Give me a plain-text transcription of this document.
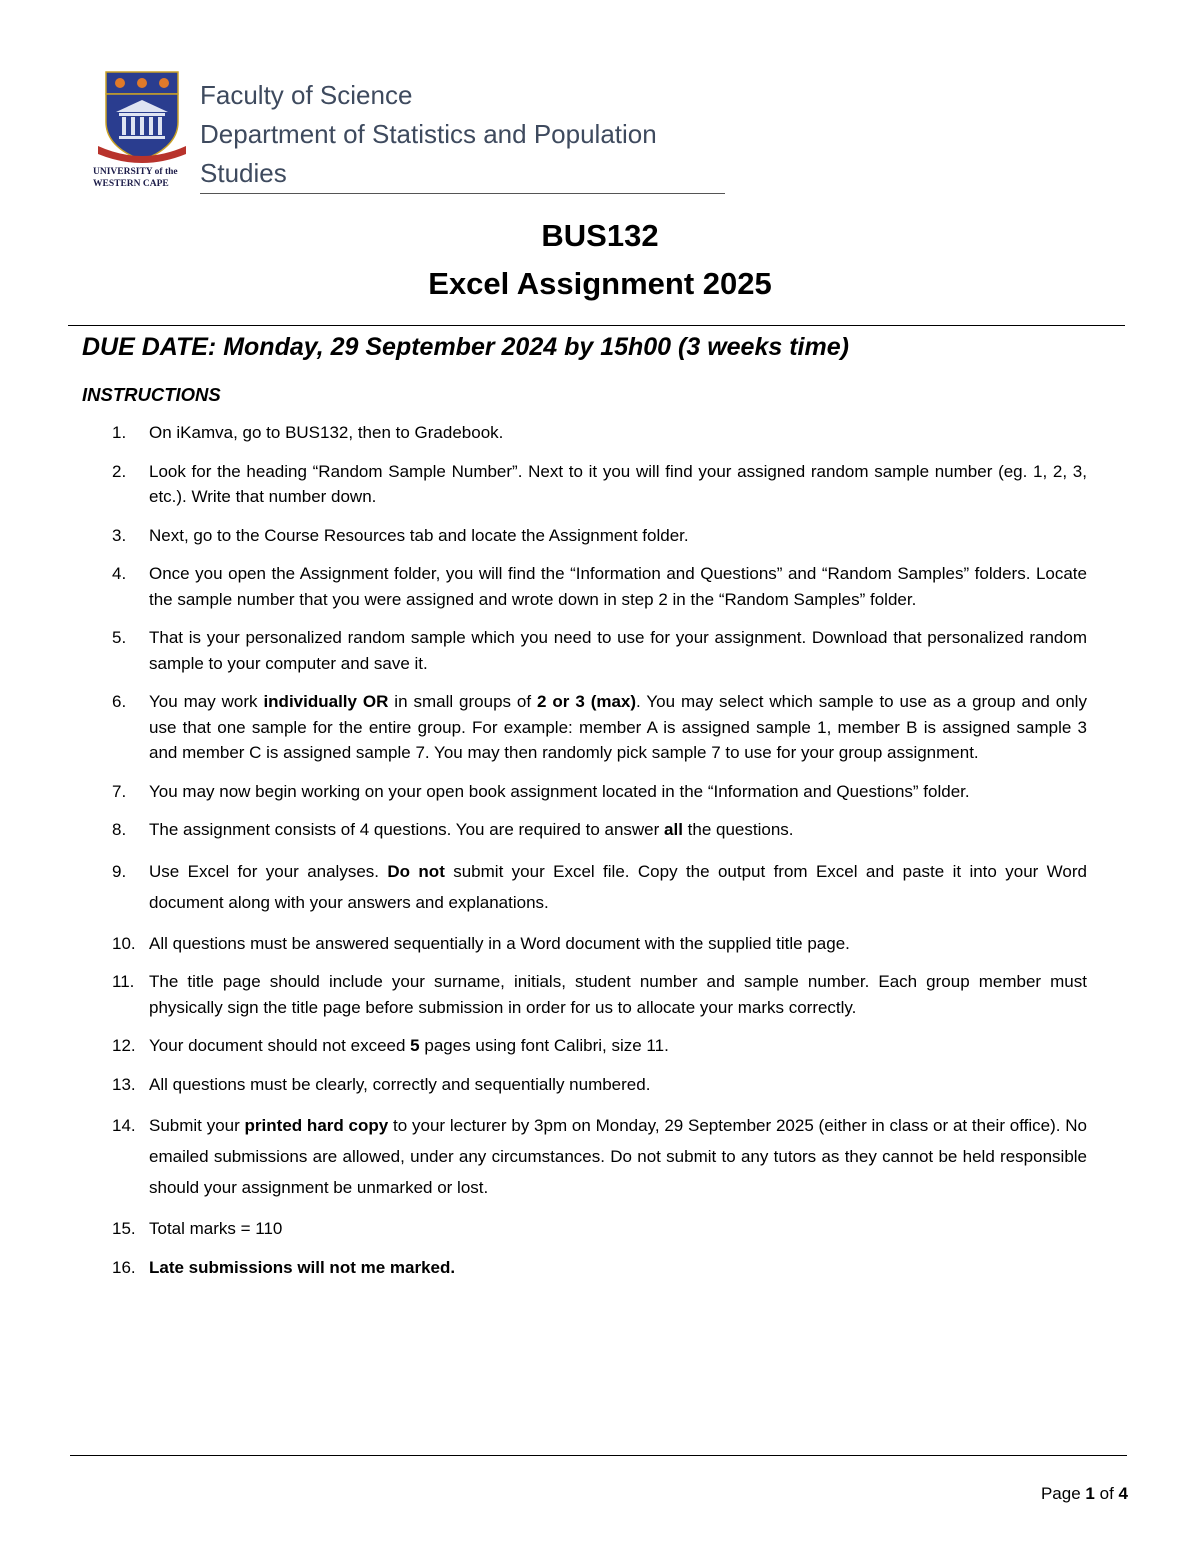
UNIVERSITY of the
WESTERN CAPE
Faculty of Science
Department of Statistics and Population
Studies
BUS132
Excel Assignment 2025
DUE DATE: Monday, 29 September 2024 by 15h00 (3 weeks time)
INSTRUCTIONS
1.	On iKamva, go to BUS132, then to Gradebook.
2.	Look for the heading “Random Sample Number”. Next to it you will find your assigned random sample number (eg. 1, 2, 3, etc.). Write that number down.
3.	Next, go to the Course Resources tab and locate the Assignment folder.
4.	Once you open the Assignment folder, you will find the “Information and Questions” and “Random Samples” folders. Locate the sample number that you were assigned and wrote down in step 2 in the “Random Samples” folder.
5.	That is your personalized random sample which you need to use for your assignment. Download that personalized random sample to your computer and save it.
6.	You may work individually OR in small groups of 2 or 3 (max). You may select which sample to use as a group and only use that one sample for the entire group. For example: member A is assigned sample 1, member B is assigned sample 3 and member C is assigned sample 7. You may then randomly pick sample 7 to use for your group assignment.
7.	You may now begin working on your open book assignment located in the “Information and Questions” folder.
8.	The assignment consists of 4 questions. You are required to answer all the questions.
9.	Use Excel for your analyses. Do not submit your Excel file. Copy the output from Excel and paste it into your Word document along with your answers and explanations.
10. All questions must be answered sequentially in a Word document with the supplied title page.
11. The title page should include your surname, initials, student number and sample number. Each group member must physically sign the title page before submission in order for us to allocate your marks correctly.
12. Your document should not exceed 5 pages using font Calibri, size 11.
13. All questions must be clearly, correctly and sequentially numbered.
14. Submit your printed hard copy to your lecturer by 3pm on Monday, 29 September 2025 (either in class or at their office). No emailed submissions are allowed, under any circumstances. Do not submit to any tutors as they cannot be held responsible should your assignment be unmarked or lost.
15. Total marks = 110
16. Late submissions will not me marked.
Page 1 of 4
